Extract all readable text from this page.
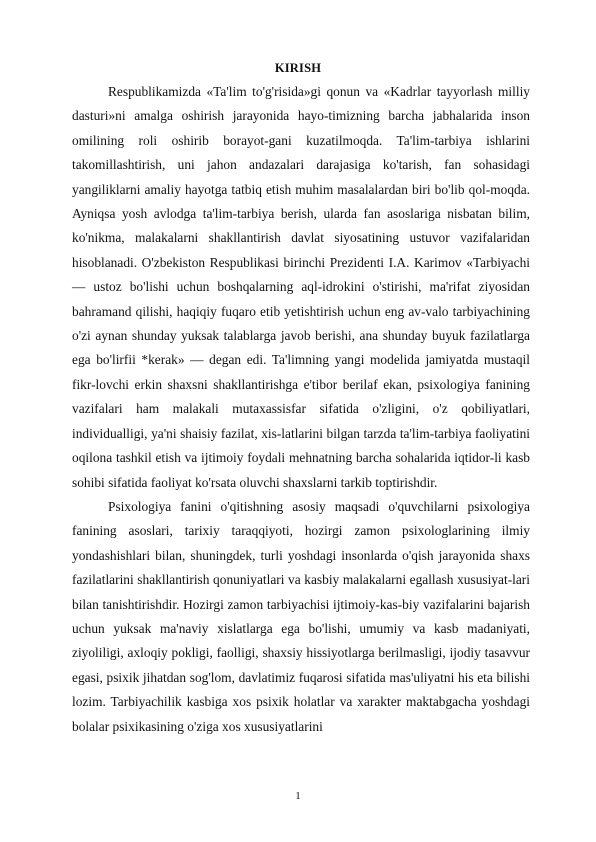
KIRISH

Respublikamizda «Ta'lim to'g'risida»gi qonun va «Kadrlar tayyorlash milliy dasturi»ni amalga oshirish jarayonida hayo-timizning barcha jabhalarida inson omilining roli oshirib borayot-gani kuzatilmoqda. Ta'lim-tarbiya ishlarini takomillashtirish, uni jahon andazalari darajasiga ko'tarish, fan sohasidagi yangiliklarni amaliy hayotga tatbiq etish muhim masalalardan biri bo'lib qol-moqda. Ayniqsa yosh avlodga ta'lim-tarbiya berish, ularda fan asoslariga nisbatan bilim, ko'nikma, malakalarni shakllantirish davlat siyosatining ustuvor vazifalaridan hisoblanadi. O'zbekiston Respublikasi birinchi Prezidenti I.A. Karimov «Tarbiyachi — ustoz bo'lishi uchun boshqalarning aql-idrokini o'stirishi, ma'rifat ziyosidan bahramand qilishi, haqiqiy fuqaro etib yetishtirish uchun eng av-valo tarbiyachining o'zi aynan shunday yuksak talablarga javob berishi, ana shunday buyuk fazilatlarga ega bo'lirfii *kerak» — degan edi. Ta'limning yangi modelida jamiyatda mustaqil fikr-lovchi erkin shaxsni shakllantirishga e'tibor berilaf ekan, psixologiya fanining vazifalari ham malakali mutaxassisfar sifatida o'zligini, o'z qobiliyatlari, individualligi, ya'ni shaisiy fazilat, xis-latlarini bilgan tarzda ta'lim-tarbiya faoliyatini oqilona tashkil etish va ijtimoiy foydali mehnatning barcha sohalarida iqtidor-li kasb sohibi sifatida faoliyat ko'rsata oluvchi shaxslarni tarkib toptirishdir.

Psixologiya fanini o'qitishning asosiy maqsadi o'quvchilarni psixologiya fanining asoslari, tarixiy taraqqiyoti, hozirgi zamon psixologlarining ilmiy yondashishlari bilan, shuningdek, turli yoshdagi insonlarda o'qish jarayonida shaxs fazilatlarini shakllantirish qonuniyatlari va kasbiy malakalarni egallash xususiyat-lari bilan tanishtirishdir. Hozirgi zamon tarbiyachisi ijtimoiy-kas-biy vazifalarini bajarish uchun yuksak ma'naviy xislatlarga ega bo'lishi, umumiy va kasb madaniyati, ziyoliligi, axloqiy pokligi, faolligi, shaxsiy hissiyotlarga berilmasligi, ijodiy tasavvur egasi, psixik jihatdan sog'lom, davlatimiz fuqarosi sifatida mas'uliyatni his eta bilishi lozim. Tarbiyachilik kasbiga xos psixik holatlar va xarakter maktabgacha yoshdagi bolalar psixikasining o'ziga xos xususiyatlarini

1
